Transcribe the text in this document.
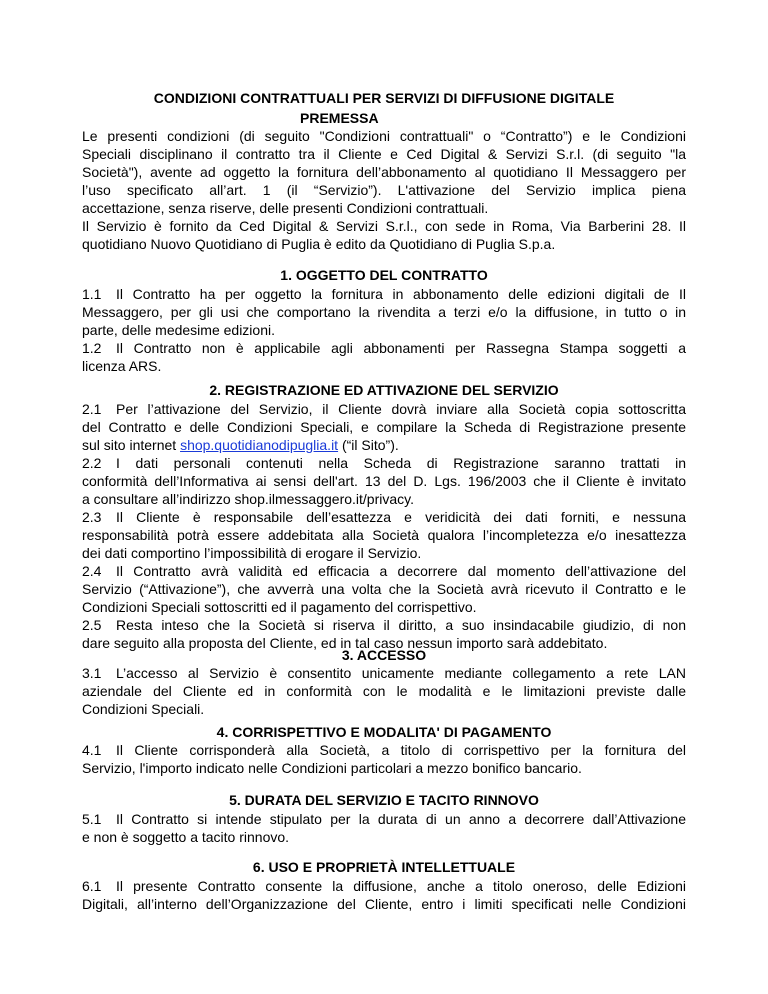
CONDIZIONI CONTRATTUALI PER SERVIZI DI DIFFUSIONE DIGITALE
PREMESSA
Le presenti condizioni (di seguito "Condizioni contrattuali" o “Contratto”) e le Condizioni
Speciali disciplinano il contratto tra il Cliente e Ced Digital & Servizi S.r.l. (di seguito "la
Società"), avente ad oggetto la fornitura dell’abbonamento al quotidiano Il Messaggero per
l’uso specificato all’art. 1 (il “Servizio”). L'attivazione del Servizio implica piena
accettazione, senza riserve, delle presenti Condizioni contrattuali.
Il Servizio è fornito da Ced Digital & Servizi S.r.l., con sede in Roma, Via Barberini 28. Il
quotidiano Nuovo Quotidiano di Puglia è edito da Quotidiano di Puglia S.p.a.
1. OGGETTO DEL CONTRATTO
1.1	Il Contratto ha per oggetto la fornitura in abbonamento delle edizioni digitali de Il
Messaggero, per gli usi che comportano la rivendita a terzi e/o la diffusione, in tutto o in
parte, delle medesime edizioni.
1.2	Il Contratto non è applicabile agli abbonamenti per Rassegna Stampa soggetti a
licenza ARS.
2. REGISTRAZIONE ED ATTIVAZIONE DEL SERVIZIO
2.1	Per l’attivazione del Servizio, il Cliente dovrà inviare alla Società copia sottoscritta
del Contratto e delle Condizioni Speciali, e compilare la Scheda di Registrazione presente
sul sito internet shop.quotidianodipuglia.it (“il Sito”).
2.2	I dati personali contenuti nella Scheda di Registrazione saranno trattati in
conformità dell’Informativa ai sensi dell'art. 13 del D. Lgs. 196/2003 che il Cliente è invitato
a consultare all’indirizzo shop.ilmessaggero.it/privacy.
2.3	Il Cliente è responsabile dell’esattezza e veridicità dei dati forniti, e nessuna
responsabilità potrà essere addebitata alla Società qualora l’incompletezza e/o inesattezza
dei dati comportino l’impossibilità di erogare il Servizio.
2.4	Il Contratto avrà validità ed efficacia a decorrere dal momento dell’attivazione del
Servizio (“Attivazione”), che avverrà una volta che la Società avrà ricevuto il Contratto e le
Condizioni Speciali sottoscritti ed il pagamento del corrispettivo.
2.5	Resta inteso che la Società si riserva il diritto, a suo insindacabile giudizio, di non
dare seguito alla proposta del Cliente, ed in tal caso nessun importo sarà addebitato.
3. ACCESSO
3.1	L’accesso al Servizio è consentito unicamente mediante collegamento a rete LAN
aziendale del Cliente ed in conformità con le modalità e le limitazioni previste dalle
Condizioni Speciali.
4. CORRISPETTIVO E MODALITA' DI PAGAMENTO
4.1	Il Cliente corrisponderà alla Società, a titolo di corrispettivo per la fornitura del
Servizio, l'importo indicato nelle Condizioni particolari a mezzo bonifico bancario.
5. DURATA DEL SERVIZIO E TACITO RINNOVO
5.1	Il Contratto si intende stipulato per la durata di un anno a decorrere dall’Attivazione
e non è soggetto a tacito rinnovo.
6. USO E PROPRIETÀ INTELLETTUALE
6.1	Il presente Contratto consente la diffusione, anche a titolo oneroso, delle Edizioni
Digitali, all’interno dell’Organizzazione del Cliente, entro i limiti specificati nelle Condizioni
